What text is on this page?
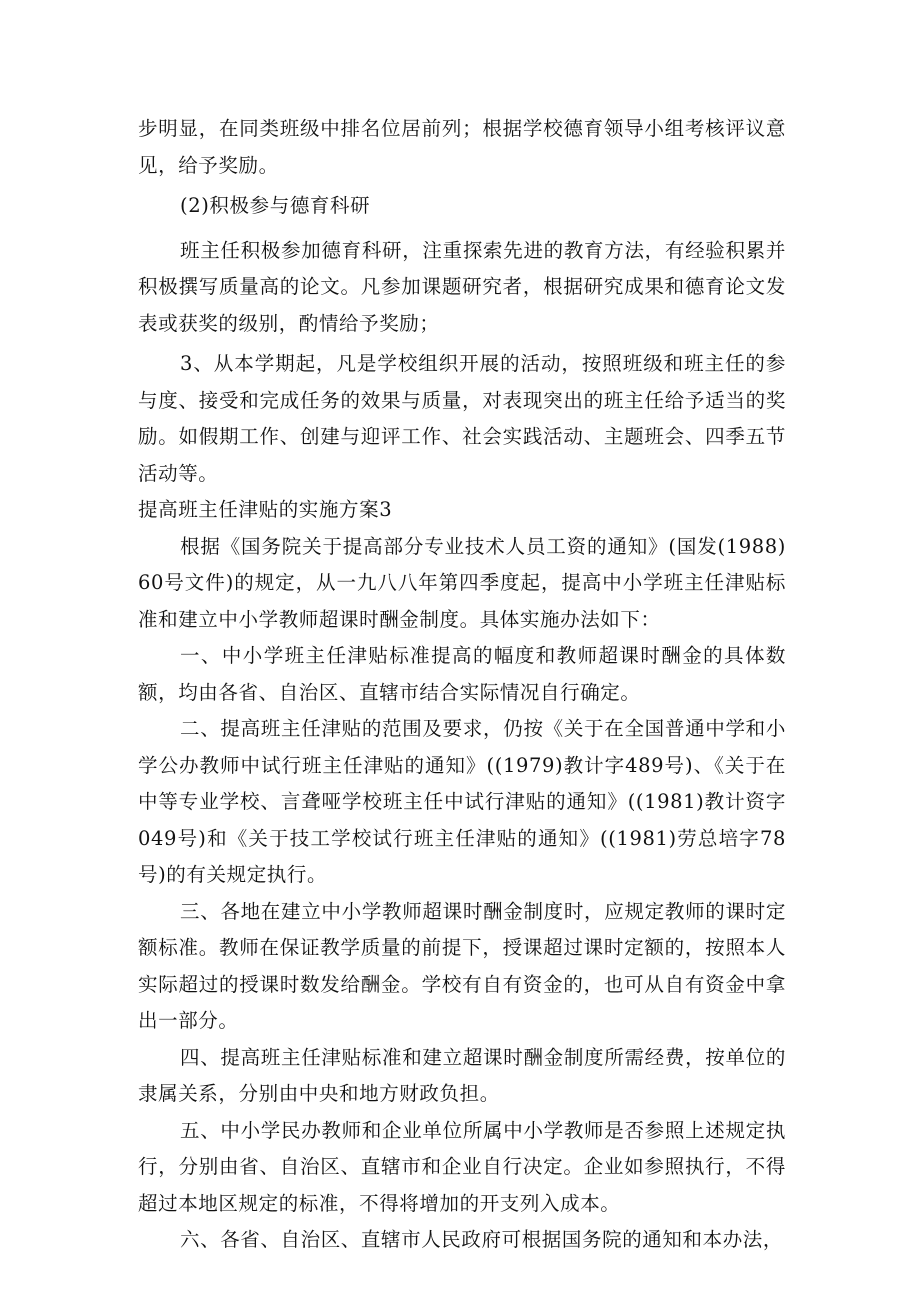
步明显，在同类班级中排名位居前列；根据学校德育领导小组考核评议意见，给予奖励。

(2)积极参与德育科研

班主任积极参加德育科研，注重探索先进的教育方法，有经验积累并积极撰写质量高的论文。凡参加课题研究者，根据研究成果和德育论文发表或获奖的级别，酌情给予奖励；

3、从本学期起，凡是学校组织开展的活动，按照班级和班主任的参与度、接受和完成任务的效果与质量，对表现突出的班主任给予适当的奖励。如假期工作、创建与迎评工作、社会实践活动、主题班会、四季五节活动等。

提高班主任津贴的实施方案3

根据《国务院关于提高部分专业技术人员工资的通知》(国发(1988)60号文件)的规定，从一九八八年第四季度起，提高中小学班主任津贴标准和建立中小学教师超课时酬金制度。具体实施办法如下：

一、中小学班主任津贴标准提高的幅度和教师超课时酬金的具体数额，均由各省、自治区、直辖市结合实际情况自行确定。

二、提高班主任津贴的范围及要求，仍按《关于在全国普通中学和小学公办教师中试行班主任津贴的通知》((1979)教计字489号)、《关于在中等专业学校、言聋哑学校班主任中试行津贴的通知》((1981)教计资字049号)和《关于技工学校试行班主任津贴的通知》((1981)劳总培字78号)的有关规定执行。

三、各地在建立中小学教师超课时酬金制度时，应规定教师的课时定额标准。教师在保证教学质量的前提下，授课超过课时定额的，按照本人实际超过的授课时数发给酬金。学校有自有资金的，也可从自有资金中拿出一部分。

四、提高班主任津贴标准和建立超课时酬金制度所需经费，按单位的隶属关系，分别由中央和地方财政负担。

五、中小学民办教师和企业单位所属中小学教师是否参照上述规定执行，分别由省、自治区、直辖市和企业自行决定。企业如参照执行，不得超过本地区规定的标准，不得将增加的开支列入成本。

六、各省、自治区、直辖市人民政府可根据国务院的通知和本办法，
